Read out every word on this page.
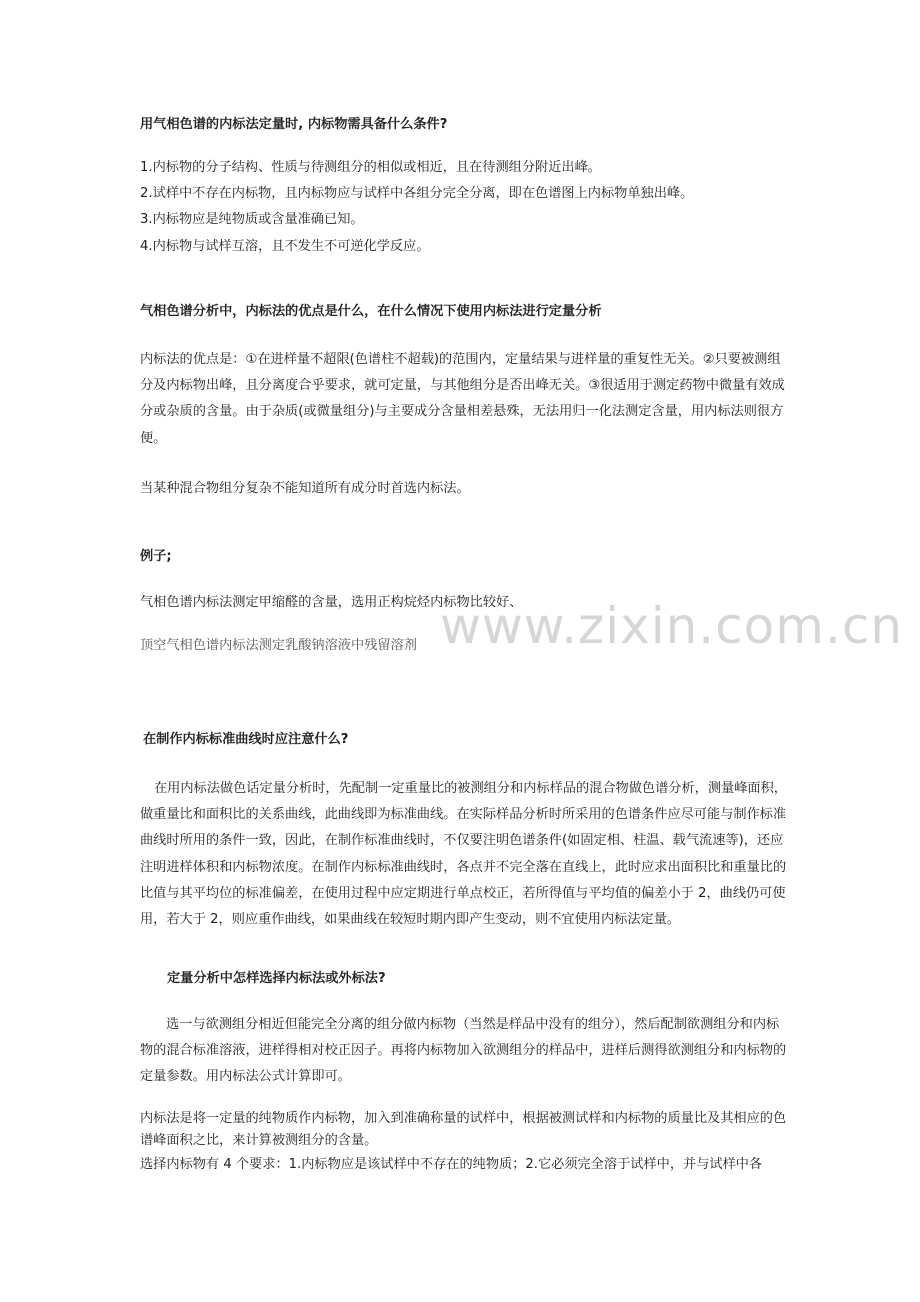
用气相色谱的内标法定量时, 内标物需具备什么条件?

1.内标物的分子结构、性质与待测组分的相似或相近，且在待测组分附近出峰。
2.试样中不存在内标物，且内标物应与试样中各组分完全分离，即在色谱图上内标物单独出峰。
3.内标物应是纯物质或含量准确已知。
4.内标物与试样互溶，且不发生不可逆化学反应。

气相色谱分析中，内标法的优点是什么，在什么情况下使用内标法进行定量分析

内标法的优点是：①在进样量不超限(色谱柱不超载)的范围内，定量结果与进样量的重复性无关。②只要被测组分及内标物出峰，且分离度合乎要求，就可定量，与其他组分是否出峰无关。③很适用于测定药物中微量有效成分或杂质的含量。由于杂质(或微量组分)与主要成分含量相差悬殊，无法用归一化法测定含量，用内标法则很方便。

当某种混合物组分复杂不能知道所有成分时首选内标法。

例子;

气相色谱内标法测定甲缩醛的含量，选用正构烷烃内标物比较好、

www.zixin.com.cn

顶空气相色谱内标法测定乳酸钠溶液中残留溶剂

在制作内标标准曲线时应注意什么?

在用内标法做色话定量分析时，先配制一定重量比的被测组分和内标样品的混合物做色谱分析，测量峰面积，做重量比和面积比的关系曲线，此曲线即为标准曲线。在实际样品分析时所采用的色谱条件应尽可能与制作标准曲线时所用的条件一致，因此，在制作标准曲线时，不仅要注明色谱条件(如固定相、柱温、载气流速等)，还应注明进样体积和内标物浓度。在制作内标标准曲线时，各点并不完全落在直线上，此时应求出面积比和重量比的比值与其平均位的标准偏差，在使用过程中应定期进行单点校正，若所得值与平均值的偏差小于 2，曲线仍可使用，若大于 2，则应重作曲线，如果曲线在较短时期内即产生变动，则不宜使用内标法定量。

定量分析中怎样选择内标法或外标法?

选一与欲测组分相近但能完全分离的组分做内标物（当然是样品中没有的组分），然后配制欲测组分和内标物的混合标准溶液，进样得相对校正因子。再将内标物加入欲测组分的样品中，进样后测得欲测组分和内标物的定量参数。用内标法公式计算即可。

内标法是将一定量的纯物质作内标物，加入到准确称量的试样中，根据被测试样和内标物的质量比及其相应的色谱峰面积之比，来计算被测组分的含量。

选择内标物有 4 个要求：1.内标物应是该试样中不存在的纯物质；2.它必须完全溶于试样中，并与试样中各
